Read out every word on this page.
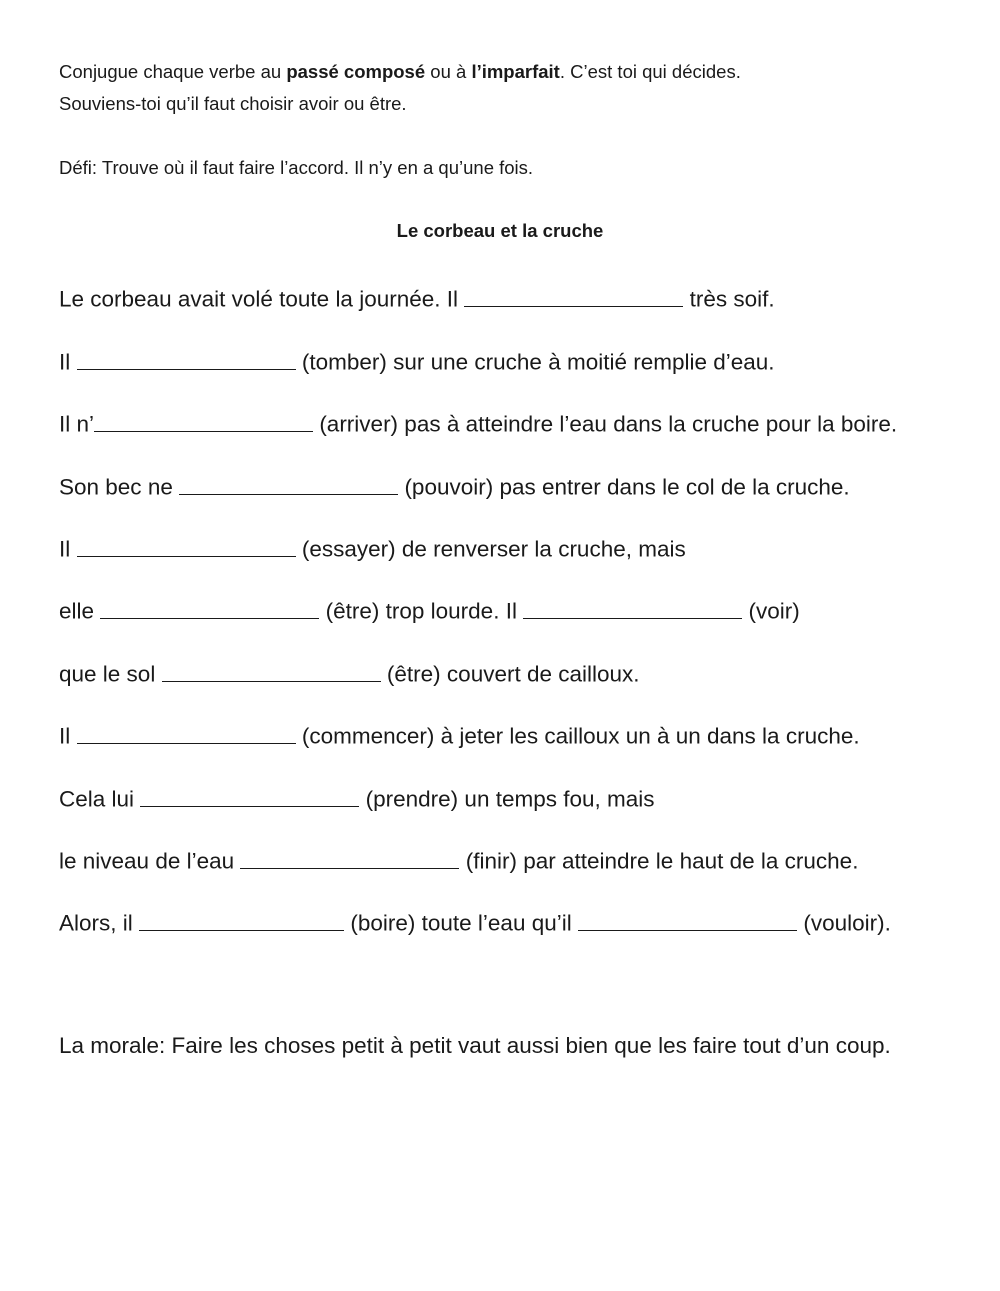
Conjugue chaque verbe au passé composé ou à l’imparfait. C’est toi qui décides.
Souviens-toi qu’il faut choisir avoir ou être.
Défi: Trouve où il faut faire l’accord. Il n’y en a qu’une fois.
Le corbeau et la cruche
Le corbeau avait volé toute la journée. Il	très soif.
Il	(tomber) sur une cruche à moitié remplie d’eau.
Il n’	(arriver) pas à atteindre l’eau dans la cruche pour la boire.
Son bec ne	(pouvoir) pas entrer dans le col de la cruche.
Il	(essayer) de renverser la cruche, mais
elle	(être) trop lourde. Il	(voir)
que le sol	(être) couvert de cailloux.
Il	(commencer) à jeter les cailloux un à un dans la cruche.
Cela lui	(prendre) un temps fou, mais
le niveau de l’eau	(finir) par atteindre le haut de la cruche.
Alors, il	(boire) toute l’eau qu’il	(vouloir).
La morale: Faire les choses petit à petit vaut aussi bien que les faire tout d’un coup.
